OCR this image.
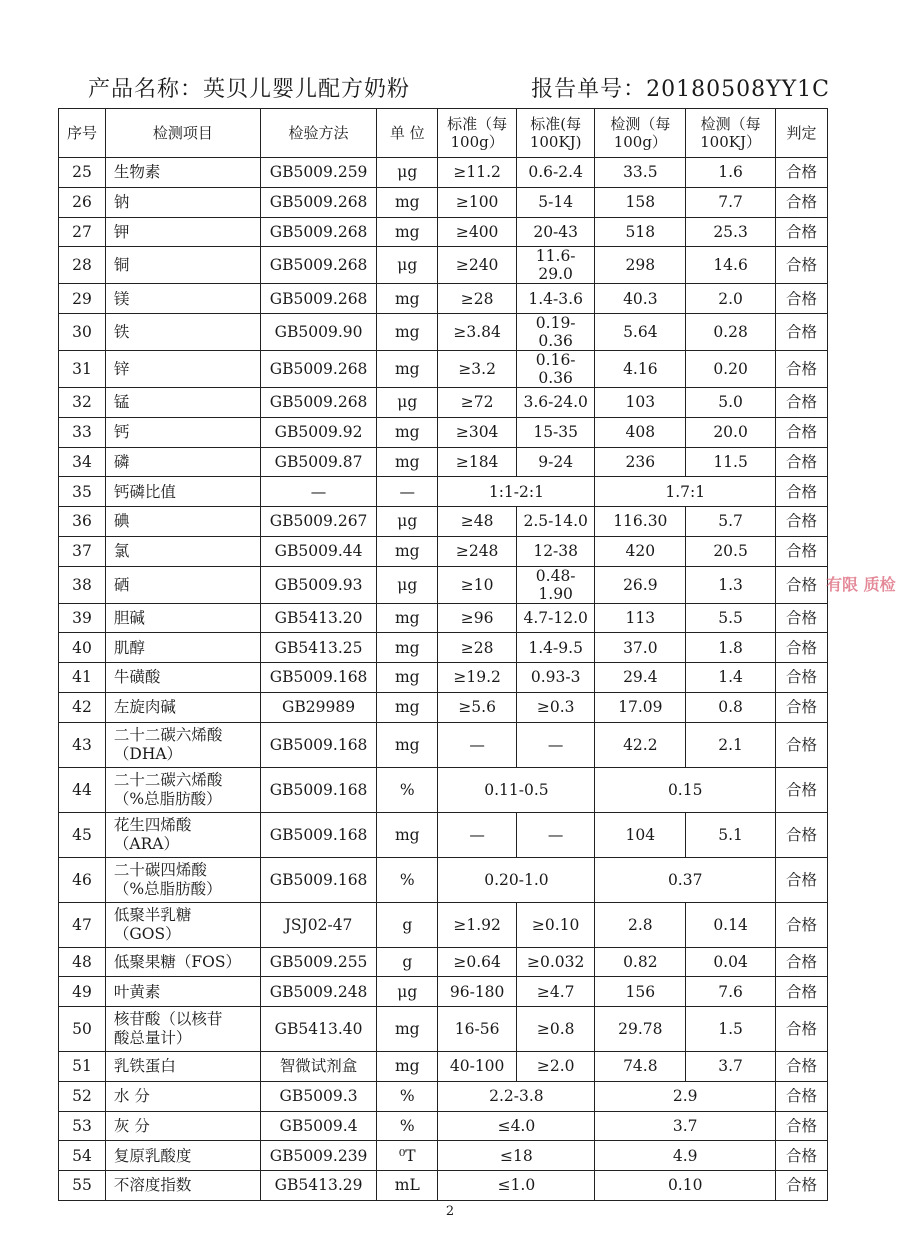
产品名称：英贝儿婴儿配方奶粉	报告单号：20180508YY1C
序号	检测项目	检验方法	单 位	标准（每100g）	标准(每100KJ)	检测（每100g）	检测（每100KJ）	判定
25	生物素	GB5009.259	μg	≥11.2	0.6-2.4	33.5	1.6	合格
26	钠	GB5009.268	mg	≥100	5-14	158	7.7	合格
27	钾	GB5009.268	mg	≥400	20-43	518	25.3	合格
28	铜	GB5009.268	μg	≥240	11.6-29.0	298	14.6	合格
29	镁	GB5009.268	mg	≥28	1.4-3.6	40.3	2.0	合格
30	铁	GB5009.90	mg	≥3.84	0.19-0.36	5.64	0.28	合格
31	锌	GB5009.268	mg	≥3.2	0.16-0.36	4.16	0.20	合格
32	锰	GB5009.268	μg	≥72	3.6-24.0	103	5.0	合格
33	钙	GB5009.92	mg	≥304	15-35	408	20.0	合格
34	磷	GB5009.87	mg	≥184	9-24	236	11.5	合格
35	钙磷比值	—	—	1:1-2:1		1.7:1		合格
36	碘	GB5009.267	μg	≥48	2.5-14.0	116.30	5.7	合格
37	氯	GB5009.44	mg	≥248	12-38	420	20.5	合格
38	硒	GB5009.93	μg	≥10	0.48-1.90	26.9	1.3	合格
39	胆碱	GB5413.20	mg	≥96	4.7-12.0	113	5.5	合格
40	肌醇	GB5413.25	mg	≥28	1.4-9.5	37.0	1.8	合格
41	牛磺酸	GB5009.168	mg	≥19.2	0.93-3	29.4	1.4	合格
42	左旋肉碱	GB29989	mg	≥5.6	≥0.3	17.09	0.8	合格
43	二十二碳六烯酸
（DHA）	GB5009.168	mg	—	—	42.2	2.1	合格
44	二十二碳六烯酸
（%总脂肪酸）	GB5009.168	%	0.11-0.5		0.15		合格
45	花生四烯酸
（ARA）	GB5009.168	mg	—	—	104	5.1	合格
46	二十碳四烯酸
（%总脂肪酸）	GB5009.168	%	0.20-1.0		0.37		合格
47	低聚半乳糖
（GOS）	JSJ02-47	g	≥1.92	≥0.10	2.8	0.14	合格
48	低聚果糖（FOS）	GB5009.255	g	≥0.64	≥0.032	0.82	0.04	合格
49	叶黄素	GB5009.248	μg	96-180	≥4.7	156	7.6	合格
50	核苷酸（以核苷
酸总量计）	GB5413.40	mg	16-56	≥0.8	29.78	1.5	合格
51	乳铁蛋白	智微试剂盒	mg	40-100	≥2.0	74.8	3.7	合格
52	水 分	GB5009.3	%	2.2-3.8		2.9		合格
53	灰 分	GB5009.4	%	≤4.0		3.7		合格
54	复原乳酸度	GB5009.239	⁰T	≤18		4.9		合格
55	不溶度指数	GB5413.29	mL	≤1.0		0.10		合格
有限 质检
2
